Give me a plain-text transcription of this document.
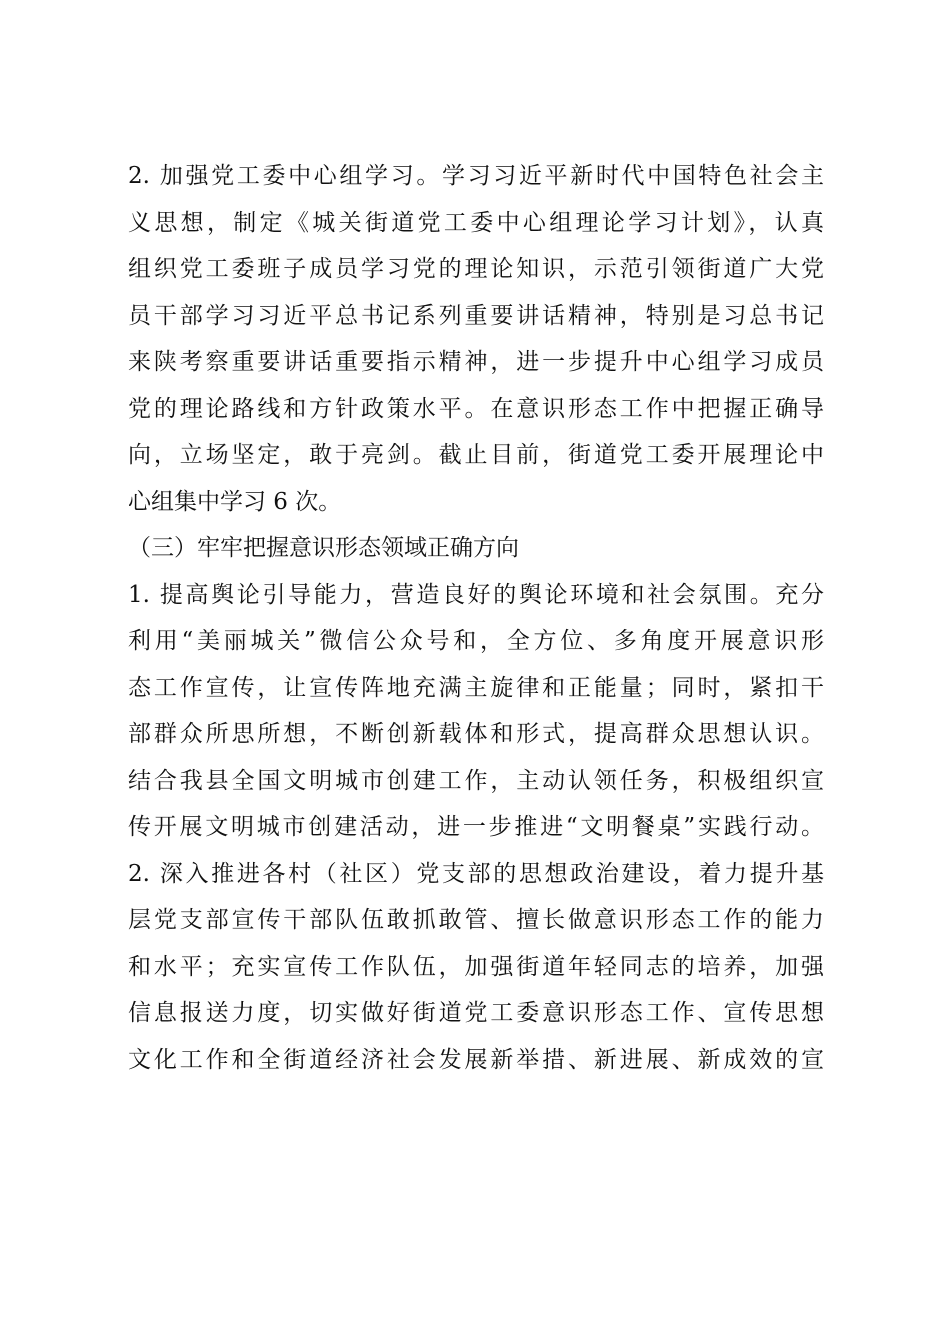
2. 加强党工委中心组学习。学习习近平新时代中国特色社会主
义思想，制定《城关街道党工委中心组理论学习计划》，认真
组织党工委班子成员学习党的理论知识，示范引领街道广大党
员干部学习习近平总书记系列重要讲话精神，特别是习总书记
来陕考察重要讲话重要指示精神，进一步提升中心组学习成员
党的理论路线和方针政策水平。在意识形态工作中把握正确导
向，立场坚定，敢于亮剑。截止目前，街道党工委开展理论中
心组集中学习 6 次。
（三）牢牢把握意识形态领域正确方向
1. 提高舆论引导能力，营造良好的舆论环境和社会氛围。充分
利用“美丽城关”微信公众号和，全方位、多角度开展意识形
态工作宣传，让宣传阵地充满主旋律和正能量；同时，紧扣干
部群众所思所想，不断创新载体和形式，提高群众思想认识。
结合我县全国文明城市创建工作，主动认领任务，积极组织宣
传开展文明城市创建活动，进一步推进“文明餐桌”实践行动。
2. 深入推进各村（社区）党支部的思想政治建设，着力提升基
层党支部宣传干部队伍敢抓敢管、擅长做意识形态工作的能力
和水平；充实宣传工作队伍，加强街道年轻同志的培养，加强
信息报送力度，切实做好街道党工委意识形态工作、宣传思想
文化工作和全街道经济社会发展新举措、新进展、新成效的宣
